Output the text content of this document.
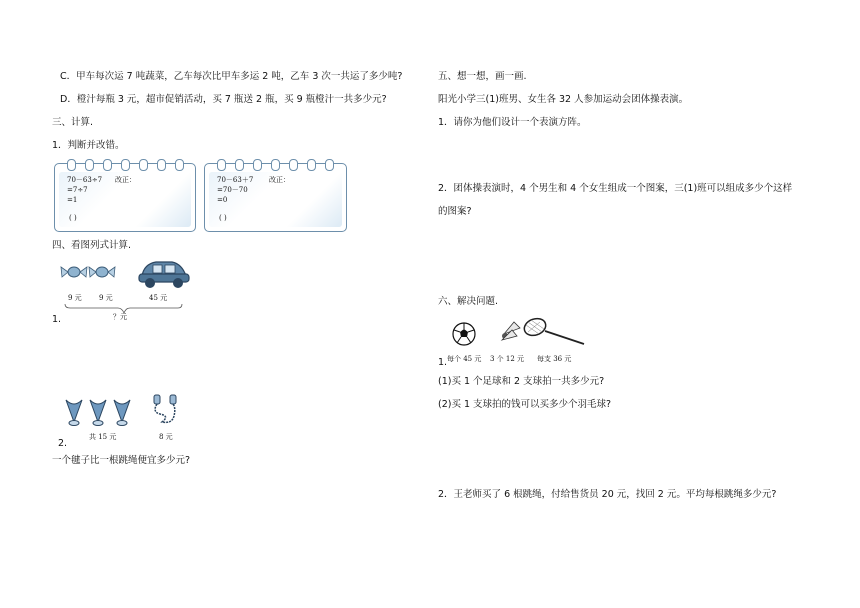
C．甲车每次运 7 吨蔬菜，乙车每次比甲车多运 2 吨，乙车 3 次一共运了多少吨?
D．橙汁每瓶 3 元，超市促销活动，买 7 瓶送 2 瓶，买 9 瓶橙汁一共多少元?
三、计算.
1．判断并改错。
70－63÷7 改正：
=7÷7
=1
( )
70－63＋7 改正：
=70－70
=0
( )
四、看图列式计算.
9 元 9 元	45 元
1.	？元
共 15 元	8 元
2.
一个毽子比一根跳绳便宜多少元?
五、想一想，画一画.
阳光小学三(1)班男、女生各 32 人参加运动会团体操表演。
1．请你为他们设计一个表演方阵。
2．团体操表演时，4 个男生和 4 个女生组成一个图案，三(1)班可以组成多少个这样
的图案?
六、解决问题.
1. 每个 45 元 3 个 12 元 每支 36 元
(1)买 1 个足球和 2 支球拍一共多少元?
(2)买 1 支球拍的钱可以买多少个羽毛球?
2．王老师买了 6 根跳绳，付给售货员 20 元，找回 2 元。平均每根跳绳多少元?
